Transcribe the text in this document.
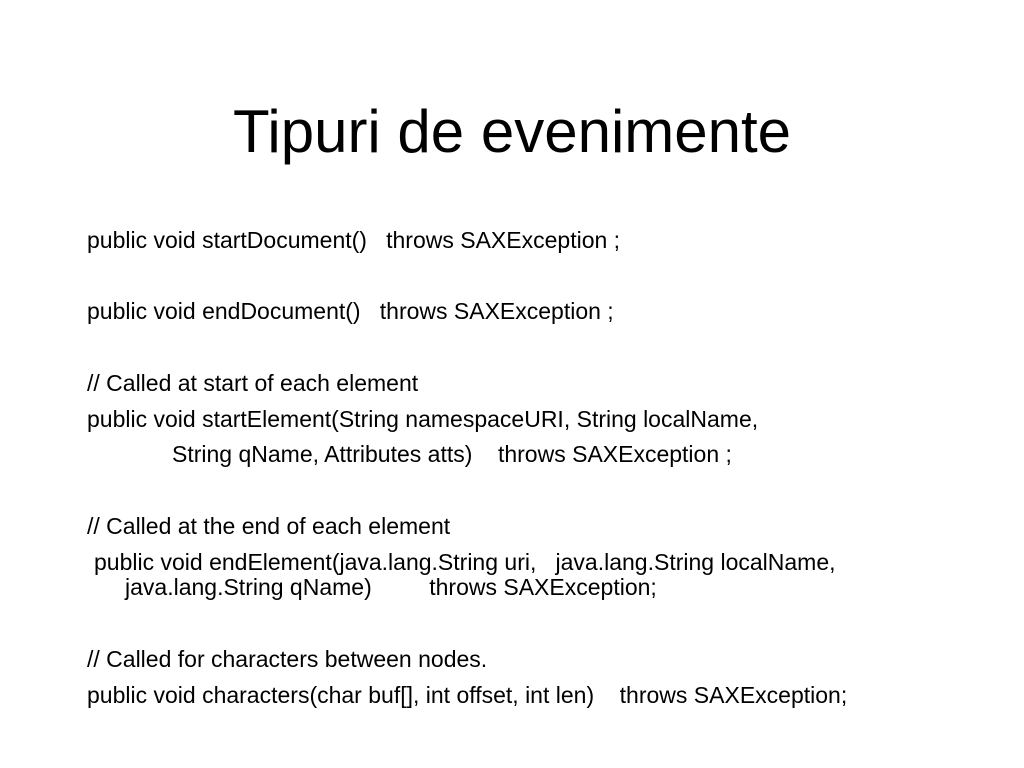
Tipuri de evenimente
public void startDocument()   throws SAXException ;
public void endDocument()   throws SAXException ;
// Called at start of each element
public void startElement(String namespaceURI, String localName,
String qName, Attributes atts)    throws SAXException ;
// Called at the end of each element
public void endElement(java.lang.String uri,   java.lang.String localName,
java.lang.String qName)         throws SAXException;
// Called for characters between nodes.
public void characters(char buf[], int offset, int len)    throws SAXException;
